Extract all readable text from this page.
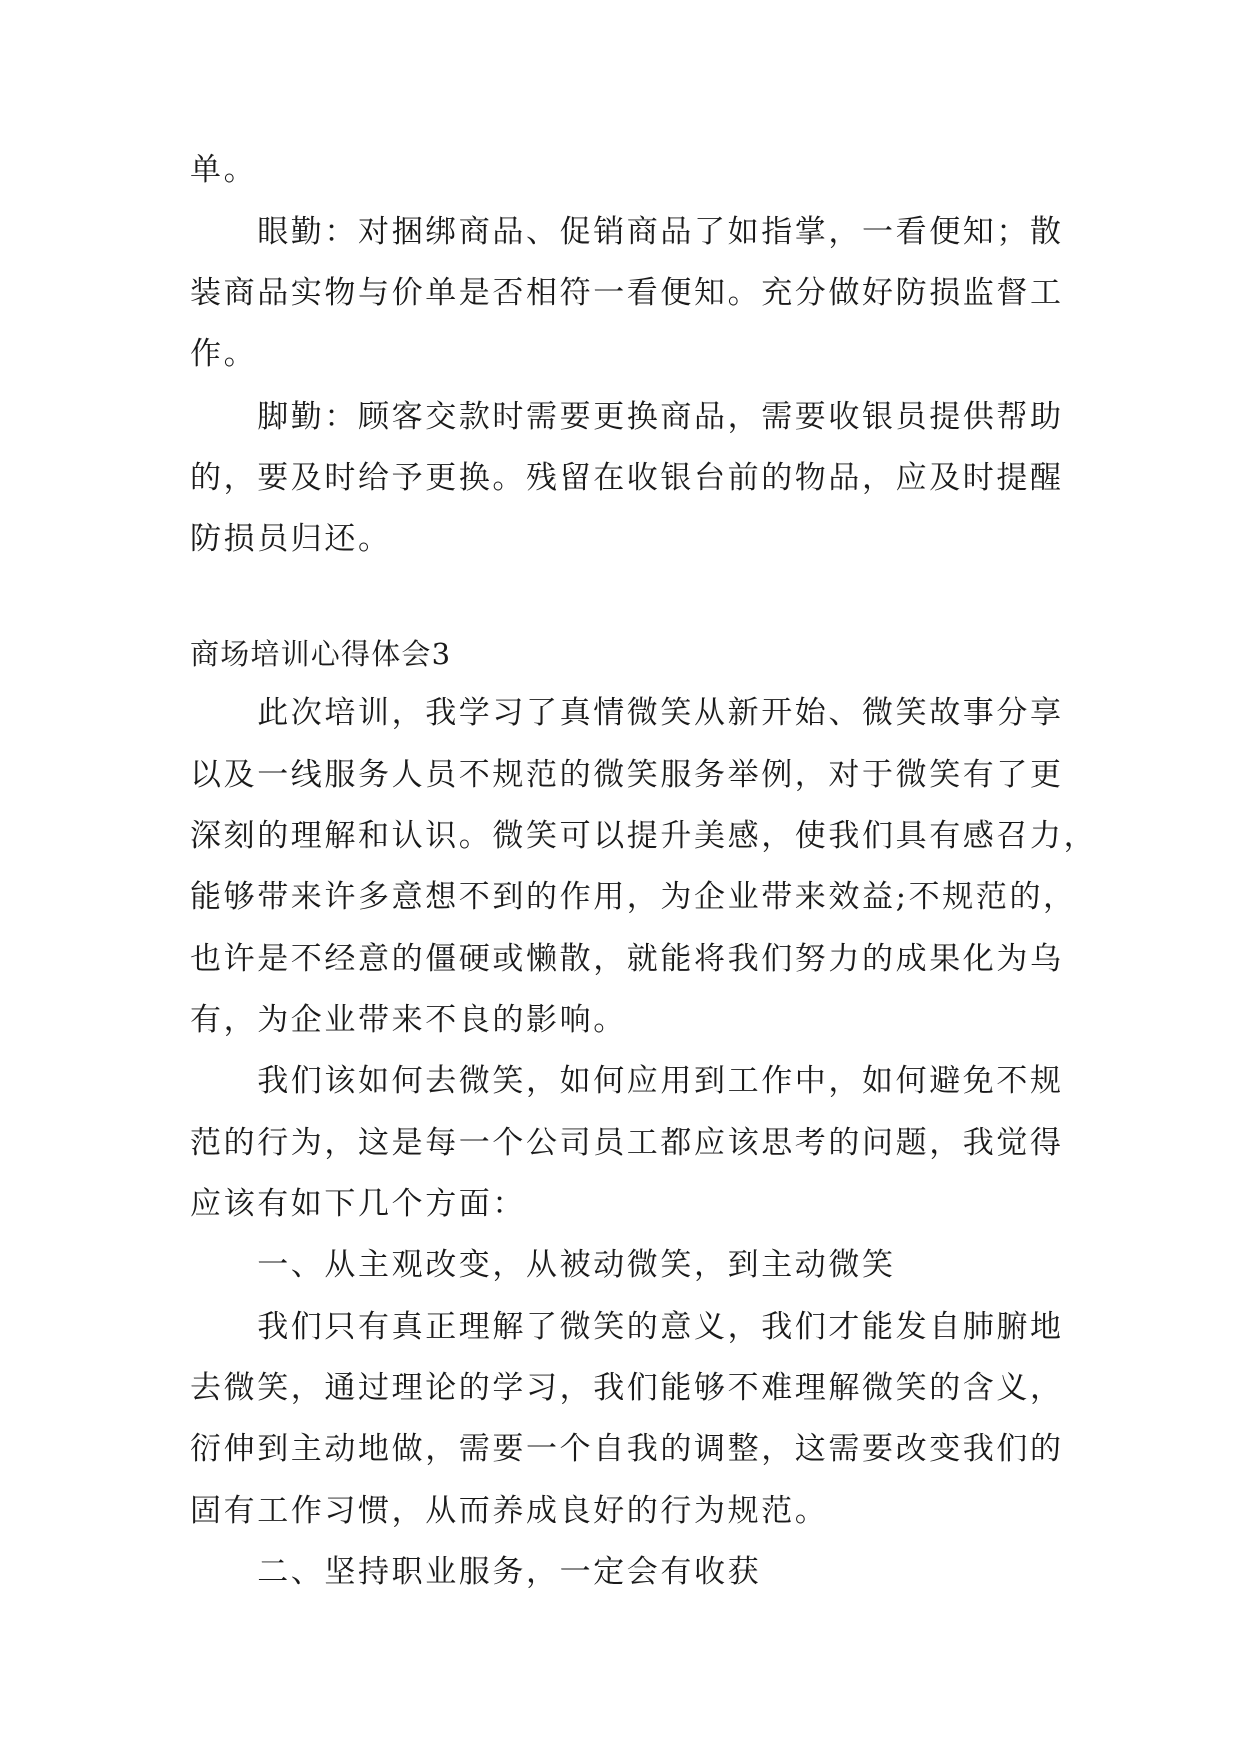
单。
　　眼勤：对捆绑商品、促销商品了如指掌，一看便知；散
装商品实物与价单是否相符一看便知。充分做好防损监督工
作。
　　脚勤：顾客交款时需要更换商品，需要收银员提供帮助
的，要及时给予更换。残留在收银台前的物品，应及时提醒
防损员归还。
商场培训心得体会3
　　此次培训，我学习了真情微笑从新开始、微笑故事分享
以及一线服务人员不规范的微笑服务举例，对于微笑有了更
深刻的理解和认识。微笑可以提升美感，使我们具有感召力，
能够带来许多意想不到的作用，为企业带来效益;不规范的，
也许是不经意的僵硬或懒散，就能将我们努力的成果化为乌
有，为企业带来不良的影响。
　　我们该如何去微笑，如何应用到工作中，如何避免不规
范的行为，这是每一个公司员工都应该思考的问题，我觉得
应该有如下几个方面：
　　一、从主观改变，从被动微笑，到主动微笑
　　我们只有真正理解了微笑的意义，我们才能发自肺腑地
去微笑，通过理论的学习，我们能够不难理解微笑的含义，
衍伸到主动地做，需要一个自我的调整，这需要改变我们的
固有工作习惯，从而养成良好的行为规范。
　　二、坚持职业服务，一定会有收获
